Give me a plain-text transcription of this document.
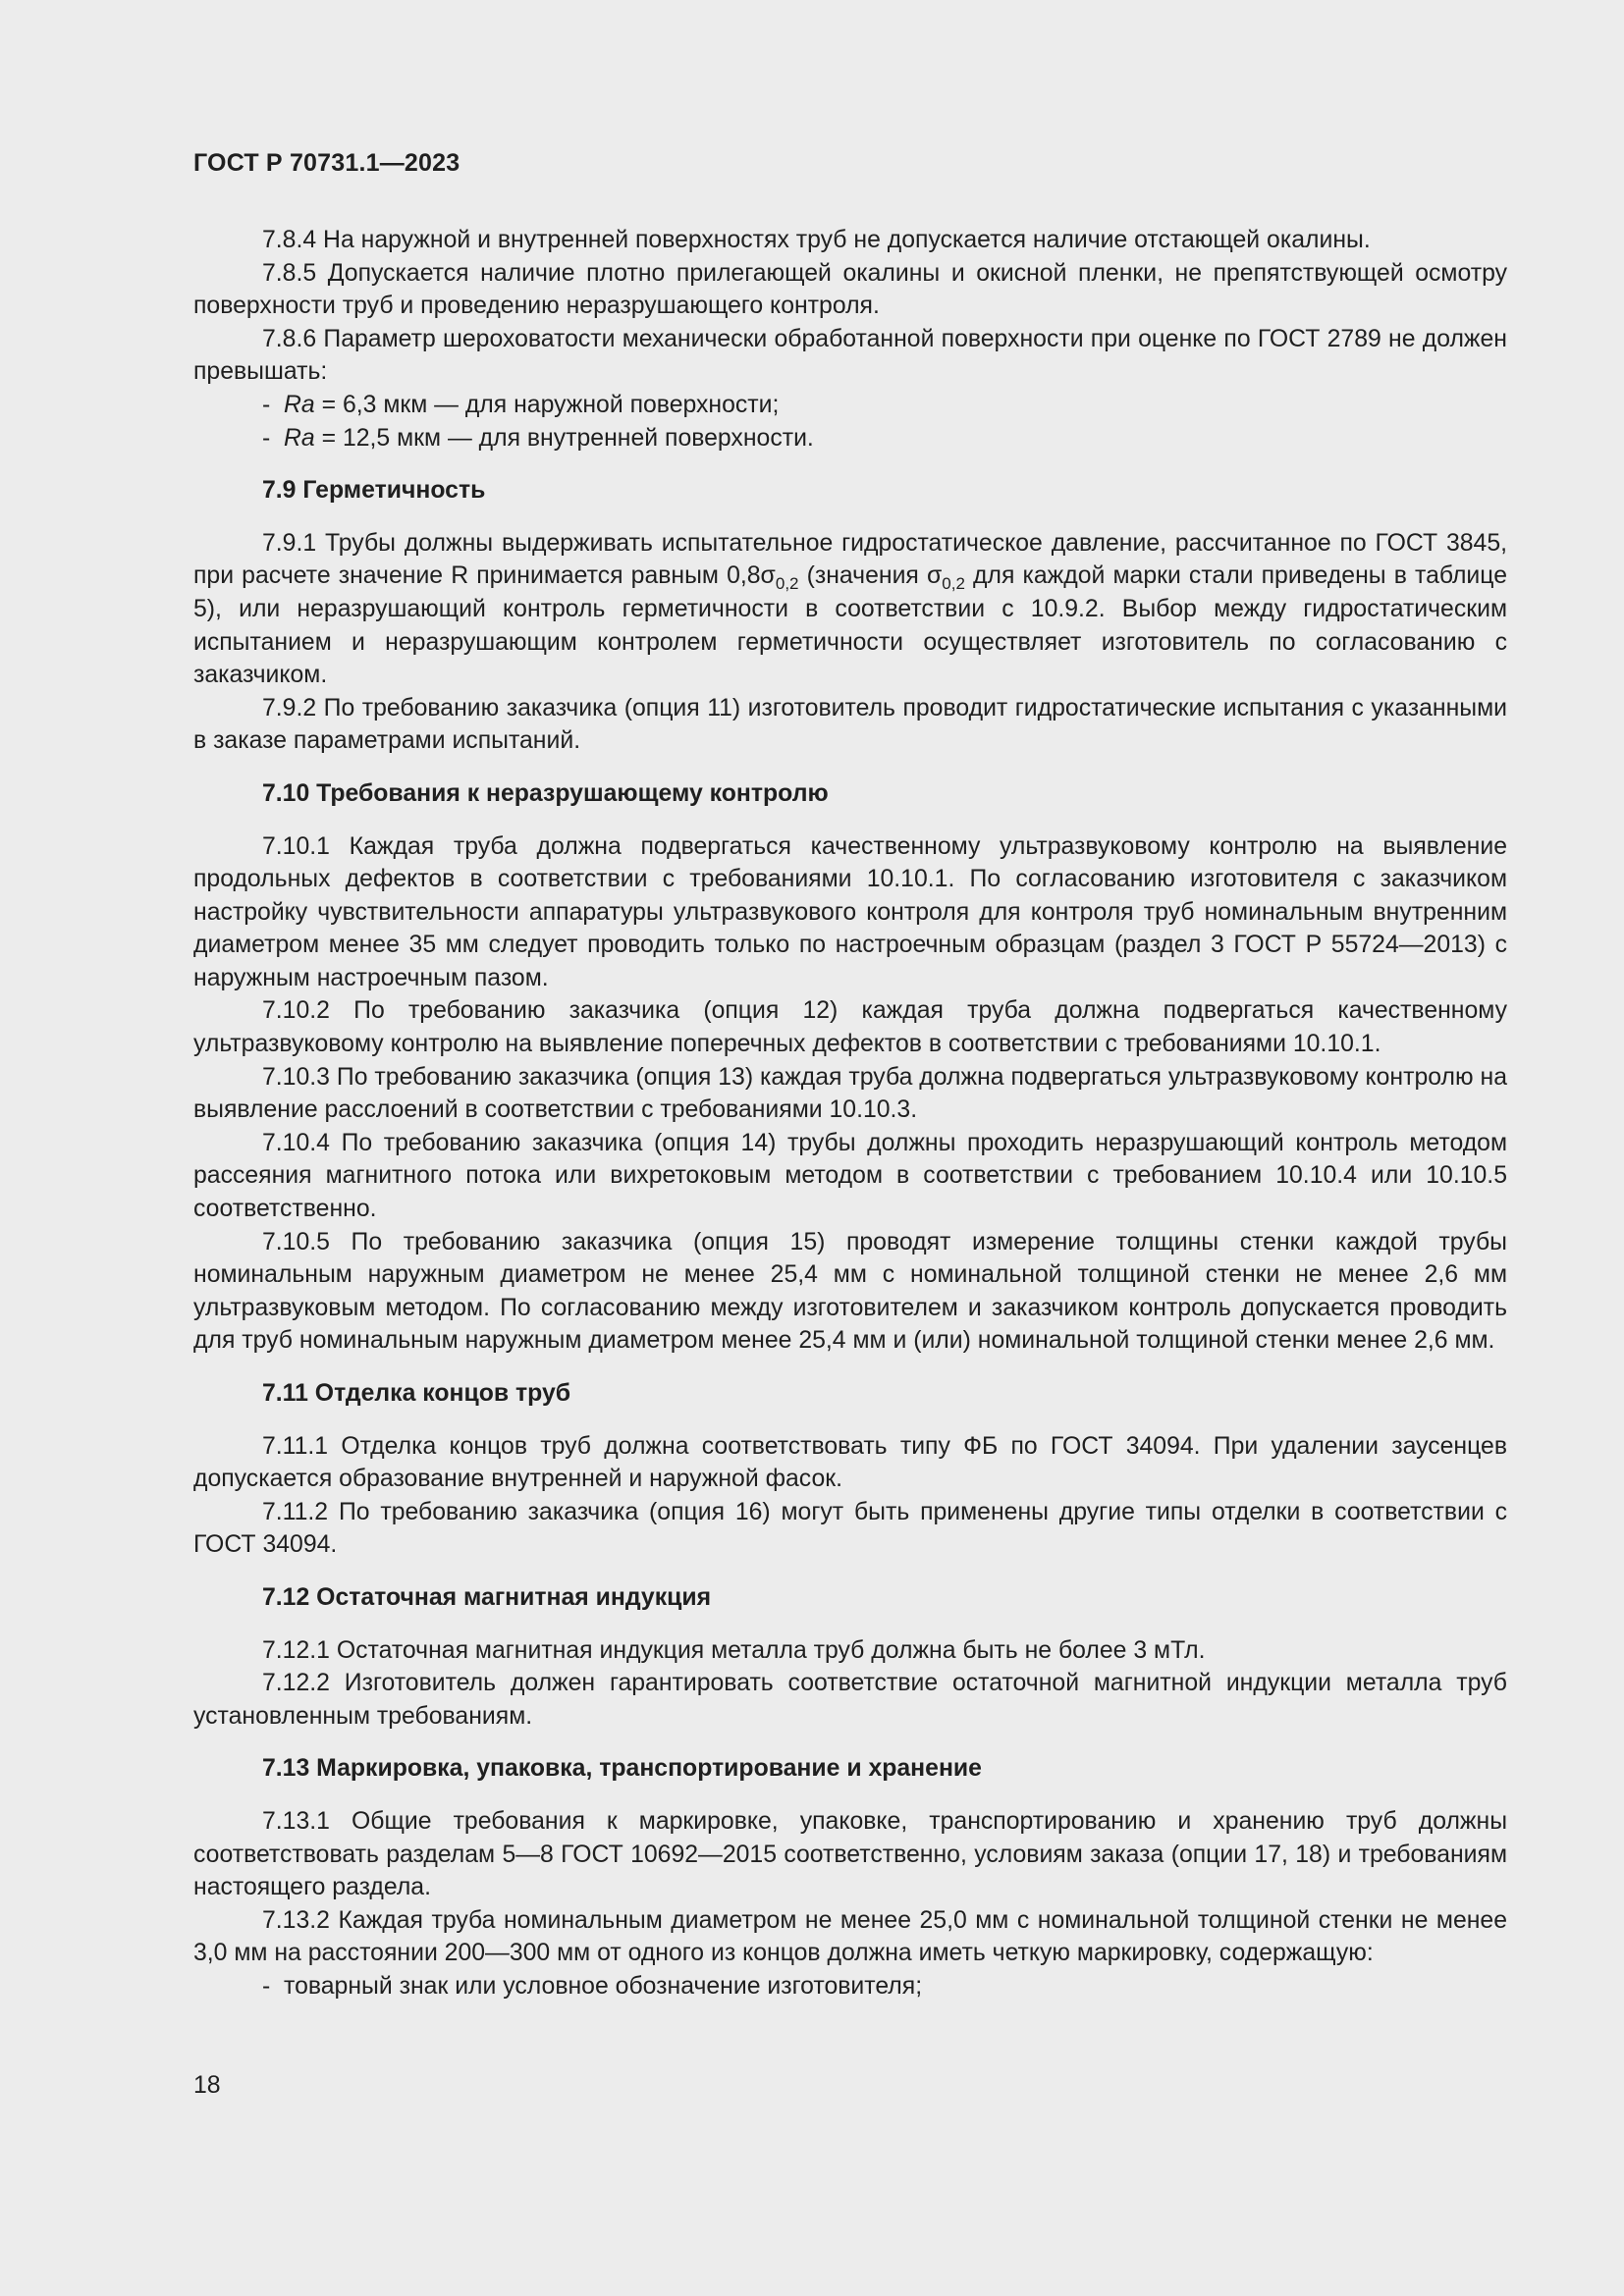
ГОСТ Р 70731.1—2023

7.8.4 На наружной и внутренней поверхностях труб не допускается наличие отстающей окалины.

7.8.5 Допускается наличие плотно прилегающей окалины и окисной пленки, не препятствующей осмотру поверхности труб и проведению неразрушающего контроля.

7.8.6 Параметр шероховатости механически обработанной поверхности при оценке по ГОСТ 2789 не должен превышать:

- Ra = 6,3 мкм — для наружной поверхности;
- Ra = 12,5 мкм — для внутренней поверхности.
7.9 Герметичность

7.9.1 Трубы должны выдерживать испытательное гидростатическое давление, рассчитанное по ГОСТ 3845, при расчете значение R принимается равным $0,8\sigma_{0,2}$ (значения $\sigma_{0,2}$ для каждой марки стали приведены в таблице 5), или неразрушающий контроль герметичности в соответствии с 10.9.2. Выбор между гидростатическим испытанием и неразрушающим контролем герметичности осуществляет изготовитель по согласованию с заказчиком.

7.9.2 По требованию заказчика (опция 11) изготовитель проводит гидростатические испытания с указанными в заказе параметрами испытаний.

7.10 Требования к неразрушающему контролю

7.10.1 Каждая труба должна подвергаться качественному ультразвуковому контролю на выявление продольных дефектов в соответствии с требованиями 10.10.1. По согласованию изготовителя с заказчиком настройку чувствительности аппаратуры ультразвукового контроля для контроля труб номинальным внутренним диаметром менее 35 мм следует проводить только по настроечным образцам (раздел 3 ГОСТ Р 55724—2013) с наружным настроечным пазом.

7.10.2 По требованию заказчика (опция 12) каждая труба должна подвергаться качественному ультразвуковому контролю на выявление поперечных дефектов в соответствии с требованиями 10.10.1.

7.10.3 По требованию заказчика (опция 13) каждая труба должна подвергаться ультразвуковому контролю на выявление расслоений в соответствии с требованиями 10.10.3.

7.10.4 По требованию заказчика (опция 14) трубы должны проходить неразрушающий контроль методом рассеяния магнитного потока или вихретоковым методом в соответствии с требованием 10.10.4 или 10.10.5 соответственно.

7.10.5 По требованию заказчика (опция 15) проводят измерение толщины стенки каждой трубы номинальным наружным диаметром не менее 25,4 мм с номинальной толщиной стенки не менее 2,6 мм ультразвуковым методом. По согласованию между изготовителем и заказчиком контроль допускается проводить для труб номинальным наружным диаметром менее 25,4 мм и (или) номинальной толщиной стенки менее 2,6 мм.

7.11 Отделка концов труб

7.11.1 Отделка концов труб должна соответствовать типу ФБ по ГОСТ 34094. При удалении заусенцев допускается образование внутренней и наружной фасок.

7.11.2 По требованию заказчика (опция 16) могут быть применены другие типы отделки в соответствии с ГОСТ 34094.

7.12 Остаточная магнитная индукция

7.12.1 Остаточная магнитная индукция металла труб должна быть не более 3 мТл.

7.12.2 Изготовитель должен гарантировать соответствие остаточной магнитной индукции металла труб установленным требованиям.

7.13 Маркировка, упаковка, транспортирование и хранение

7.13.1 Общие требования к маркировке, упаковке, транспортированию и хранению труб должны соответствовать разделам 5—8 ГОСТ 10692—2015 соответственно, условиям заказа (опции 17, 18) и требованиям настоящего раздела.

7.13.2 Каждая труба номинальным диаметром не менее 25,0 мм с номинальной толщиной стенки не менее 3,0 мм на расстоянии 200—300 мм от одного из концов должна иметь четкую маркировку, содержащую:

- товарный знак или условное обозначение изготовителя;
18
